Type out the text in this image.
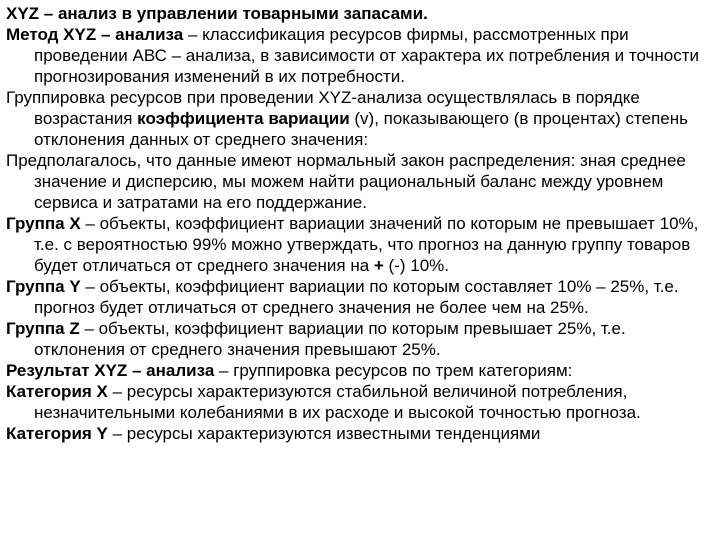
XYZ – анализ в управлении товарными запасами.

Метод XYZ – анализа – классификация ресурсов фирмы, рассмотренных при проведении АВС – анализа, в зависимости от характера их потребления и точности прогнозирования изменений в их потребности.

Группировка ресурсов при проведении XYZ-анализа осуществлялась в порядке возрастания коэффициента вариации (v), показывающего (в процентах) степень отклонения данных от среднего значения:

Предполагалось, что данные имеют нормальный закон распределения: зная среднее значение и дисперсию, мы можем найти рациональный баланс между уровнем сервиса и затратами на его поддержание.

Группа X – объекты, коэффициент вариации значений по которым не превышает 10%, т.е. с вероятностью 99% можно утверждать, что прогноз на данную группу товаров будет отличаться от среднего значения на + (-) 10%.

Группа Y – объекты, коэффициент вариации по которым составляет 10% – 25%, т.е. прогноз будет отличаться от среднего значения не более чем на 25%.

Группа Z – объекты, коэффициент вариации по которым превышает 25%, т.е. отклонения от среднего значения превышают 25%.

Результат XYZ – анализа – группировка ресурсов по трем категориям:

Категория X – ресурсы характеризуются стабильной величиной потребления, незначительными колебаниями в их расходе и высокой точностью прогноза.

Категория Y – ресурсы характеризуются известными тенденциями
